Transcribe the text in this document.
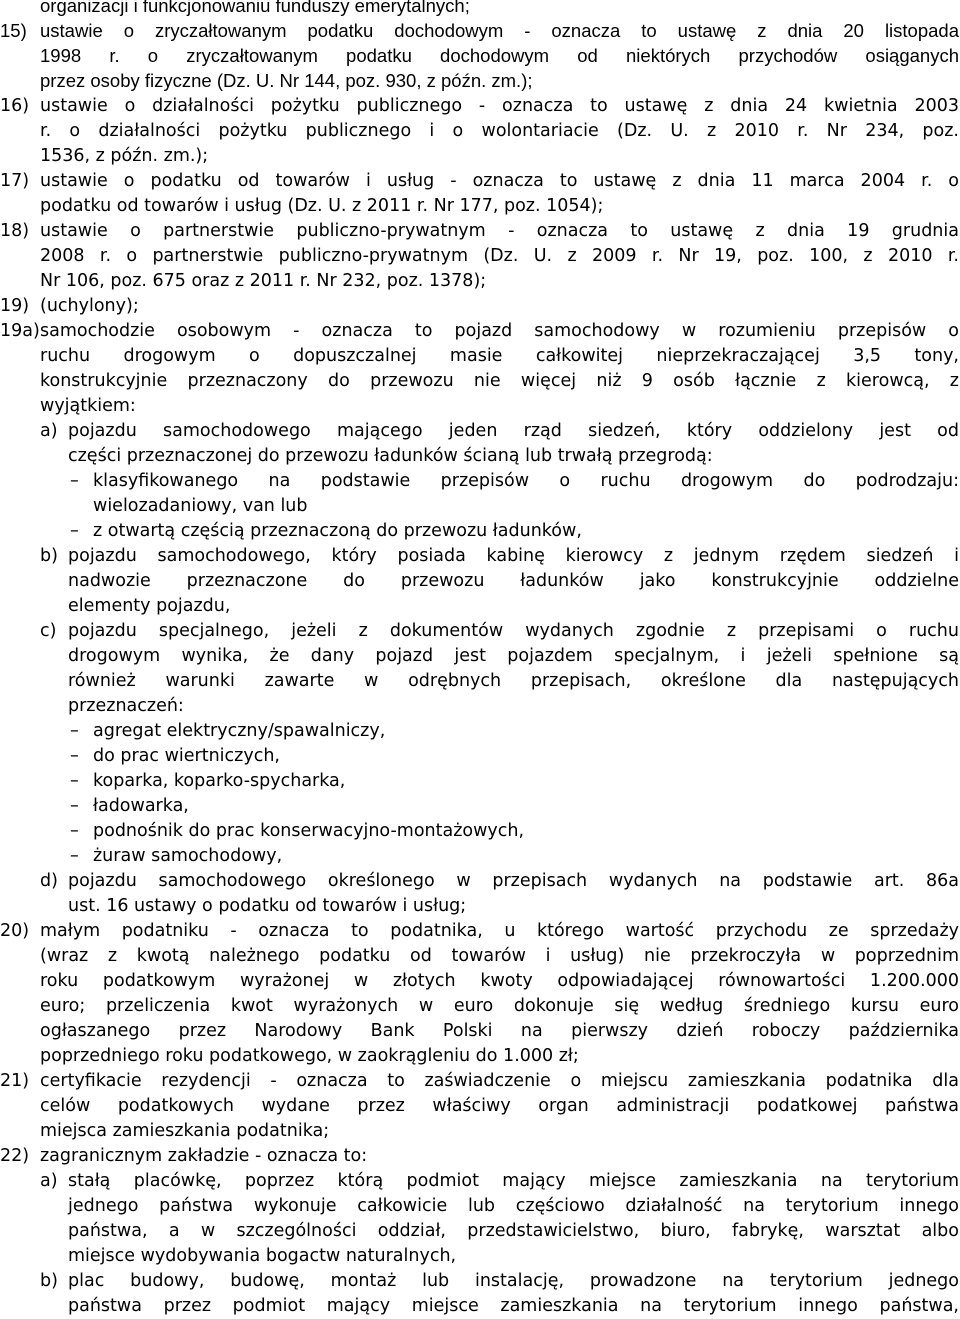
organizacji i funkcjonowaniu funduszy emerytalnych;
15) ustawie o zryczałtowanym podatku dochodowym - oznacza to ustawę z dnia 20 listopada
1998 r. o zryczałtowanym podatku dochodowym od niektórych przychodów osiąganych
przez osoby fizyczne (Dz. U. Nr 144, poz. 930, z późn. zm.);
16) ustawie o działalności pożytku publicznego - oznacza to ustawę z dnia 24 kwietnia 2003
r. o działalności pożytku publicznego i o wolontariacie (Dz. U. z 2010 r. Nr 234, poz.
1536, z późn. zm.);
17) ustawie o podatku od towarów i usług - oznacza to ustawę z dnia 11 marca 2004 r. o
podatku od towarów i usług (Dz. U. z 2011 r. Nr 177, poz. 1054);
18) ustawie o partnerstwie publiczno-prywatnym - oznacza to ustawę z dnia 19 grudnia
2008 r. o partnerstwie publiczno-prywatnym (Dz. U. z 2009 r. Nr 19, poz. 100, z 2010 r.
Nr 106, poz. 675 oraz z 2011 r. Nr 232, poz. 1378);
19) (uchylony);
19a) samochodzie osobowym - oznacza to pojazd samochodowy w rozumieniu przepisów o
ruchu drogowym o dopuszczalnej masie całkowitej nieprzekraczającej 3,5 tony,
konstrukcyjnie przeznaczony do przewozu nie więcej niż 9 osób łącznie z kierowcą, z
wyjątkiem:
a) pojazdu samochodowego mającego jeden rząd siedzeń, który oddzielony jest od
części przeznaczonej do przewozu ładunków ścianą lub trwałą przegrodą:
– klasyfikowanego na podstawie przepisów o ruchu drogowym do podrodzaju:
wielozadaniowy, van lub
– z otwartą częścią przeznaczoną do przewozu ładunków,
b) pojazdu samochodowego, który posiada kabinę kierowcy z jednym rzędem siedzeń i
nadwozie przeznaczone do przewozu ładunków jako konstrukcyjnie oddzielne
elementy pojazdu,
c) pojazdu specjalnego, jeżeli z dokumentów wydanych zgodnie z przepisami o ruchu
drogowym wynika, że dany pojazd jest pojazdem specjalnym, i jeżeli spełnione są
również warunki zawarte w odrębnych przepisach, określone dla następujących
przeznaczeń:
– agregat elektryczny/spawalniczy,
– do prac wiertniczych,
– koparka, koparko-spycharka,
– ładowarka,
– podnośnik do prac konserwacyjno-montażowych,
– żuraw samochodowy,
d) pojazdu samochodowego określonego w przepisach wydanych na podstawie art. 86a
ust. 16 ustawy o podatku od towarów i usług;
20) małym podatniku - oznacza to podatnika, u którego wartość przychodu ze sprzedaży
(wraz z kwotą należnego podatku od towarów i usług) nie przekroczyła w poprzednim
roku podatkowym wyrażonej w złotych kwoty odpowiadającej równowartości 1.200.000
euro; przeliczenia kwot wyrażonych w euro dokonuje się według średniego kursu euro
ogłaszanego przez Narodowy Bank Polski na pierwszy dzień roboczy października
poprzedniego roku podatkowego, w zaokrągleniu do 1.000 zł;
21) certyfikacie rezydencji - oznacza to zaświadczenie o miejscu zamieszkania podatnika dla
celów podatkowych wydane przez właściwy organ administracji podatkowej państwa
miejsca zamieszkania podatnika;
22) zagranicznym zakładzie - oznacza to:
a) stałą placówkę, poprzez którą podmiot mający miejsce zamieszkania na terytorium
jednego państwa wykonuje całkowicie lub częściowo działalność na terytorium innego
państwa, a w szczególności oddział, przedstawicielstwo, biuro, fabrykę, warsztat albo
miejsce wydobywania bogactw naturalnych,
b) plac budowy, budowę, montaż lub instalację, prowadzone na terytorium jednego
państwa przez podmiot mający miejsce zamieszkania na terytorium innego państwa,
